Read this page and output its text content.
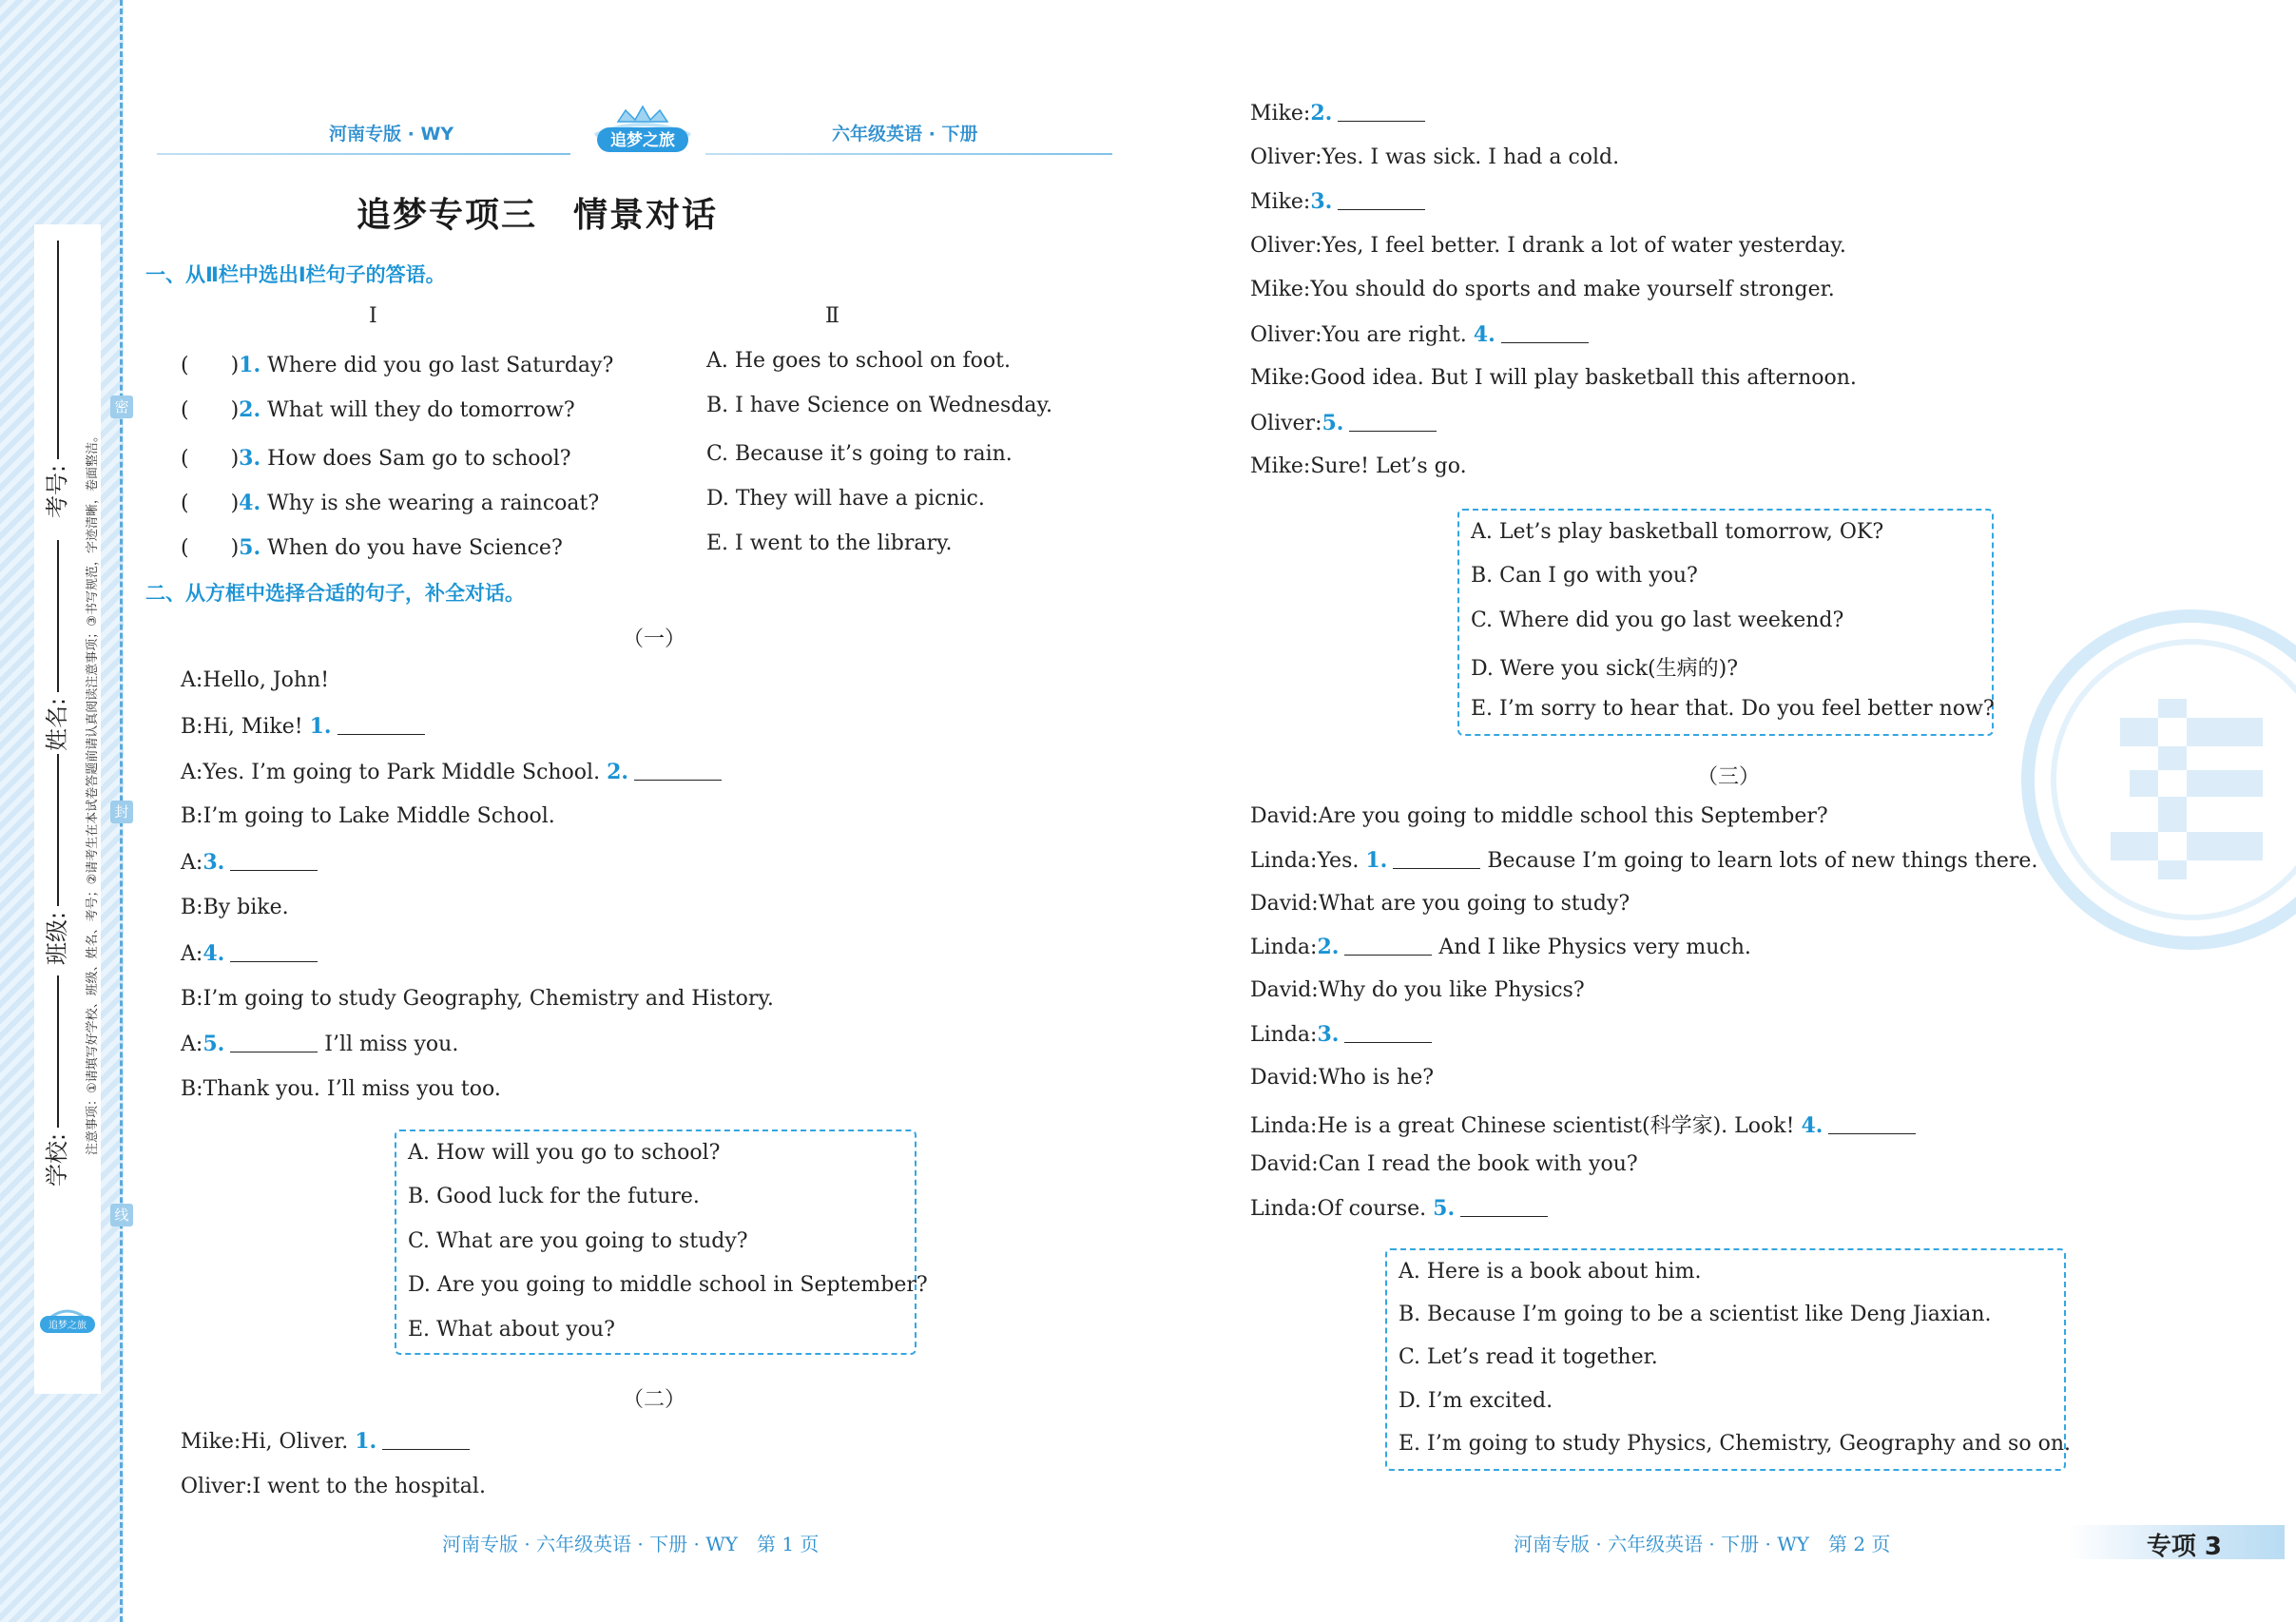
考号:
姓名:
班级:
学校:
注意事项：①请填写好学校、班级、姓名、考号；②请考生在本试卷答题前请认真阅读注意事项；③书写规范，字迹清晰，卷面整洁。
密
封
线
追梦之旅
河南专版 · WY	追梦之旅	六年级英语 · 下册
追梦专项三　情景对话
一、从Ⅱ栏中选出Ⅰ栏句子的答语。
Ⅰ	Ⅱ
(　　)1. Where did you go last Saturday?
(　　)2. What will they do tomorrow?
(　　)3. How does Sam go to school?
(　　)4. Why is she wearing a raincoat?
(　　)5. When do you have Science?
A. He goes to school on foot.
B. I have Science on Wednesday.
C. Because it’s going to rain.
D. They will have a picnic.
E. I went to the library.
二、从方框中选择合适的句子，补全对话。
（一）
A:Hello, John!
B:Hi, Mike! 1.
A:Yes. I’m going to Park Middle School. 2.
B:I’m going to Lake Middle School.
A:3.
B:By bike.
A:4.
B:I’m going to study Geography, Chemistry and History.
A:5.	I’ll miss you.
B:Thank you. I’ll miss you too.
A. How will you go to school?
B. Good luck for the future.
C. What are you going to study?
D. Are you going to middle school in September?
E. What about you?
（二）
Mike:Hi, Oliver. 1.
Oliver:I went to the hospital.
Mike:2.
Oliver:Yes. I was sick. I had a cold.
Mike:3.
Oliver:Yes, I feel better. I drank a lot of water yesterday.
Mike:You should do sports and make yourself stronger.
Oliver:You are right. 4.
Mike:Good idea. But I will play basketball this afternoon.
Oliver:5.
Mike:Sure! Let’s go.
A. Let’s play basketball tomorrow, OK?
B. Can I go with you?
C. Where did you go last weekend?
D. Were you sick(生病的)?
E. I’m sorry to hear that. Do you feel better now?
（三）
David:Are you going to middle school this September?
Linda:Yes. 1.	Because I’m going to learn lots of new things there.
David:What are you going to study?
Linda:2.	And I like Physics very much.
David:Why do you like Physics?
Linda:3.
David:Who is he?
Linda:He is a great Chinese scientist(科学家). Look! 4.
David:Can I read the book with you?
Linda:Of course. 5.
A. Here is a book about him.
B. Because I’m going to be a scientist like Deng Jiaxian.
C. Let’s read it together.
D. I’m excited.
E. I’m going to study Physics, Chemistry, Geography and so on.
河南专版 · 六年级英语 · 下册 · WY　第 1 页	河南专版 · 六年级英语 · 下册 · WY　第 2 页	专项 3
